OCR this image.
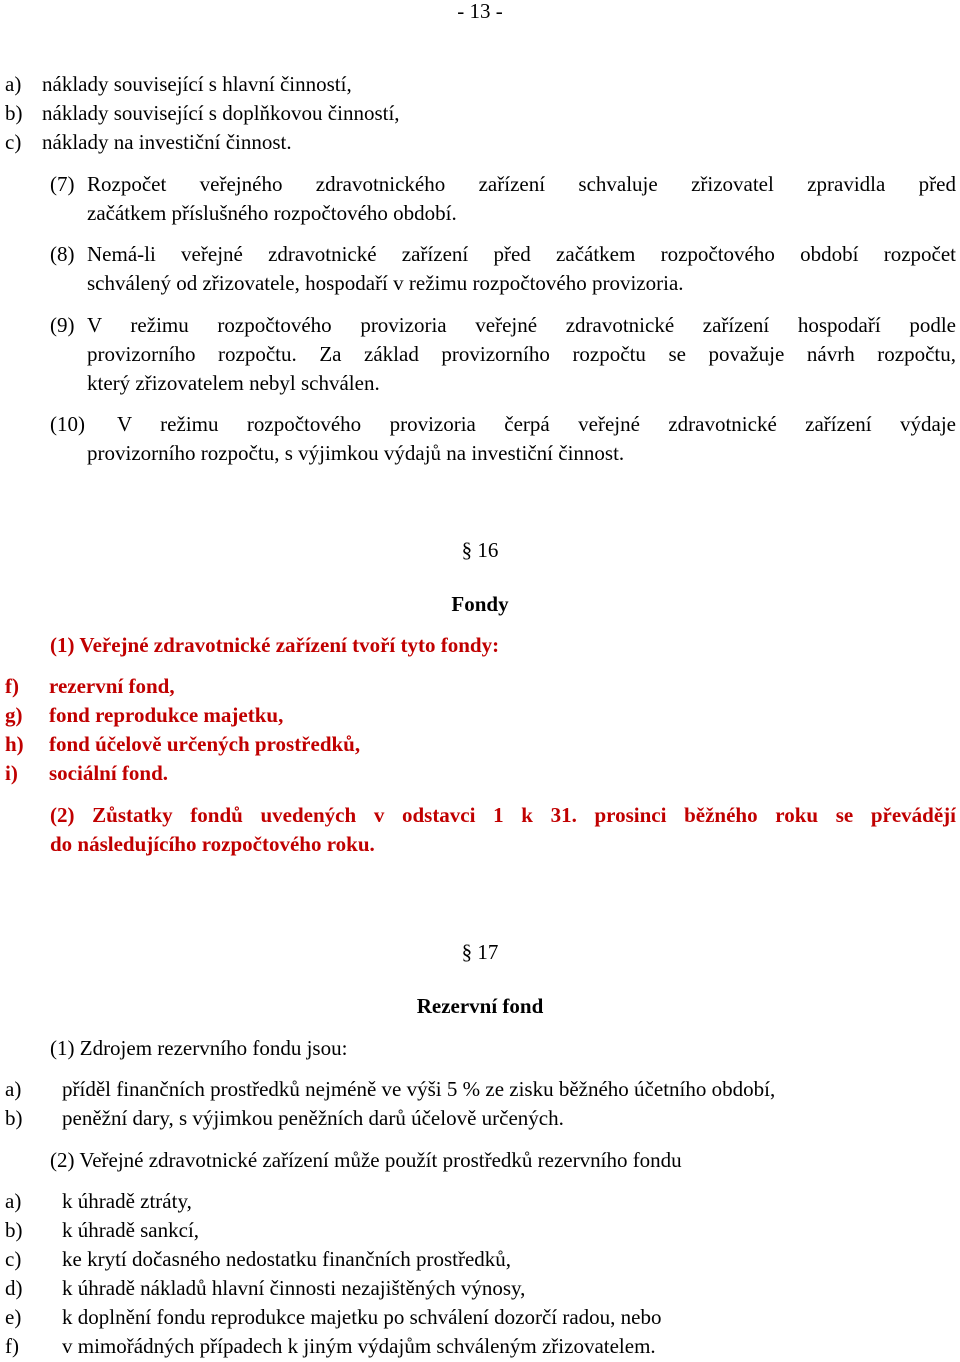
- 13 -
a) náklady související s hlavní činností,
b) náklady související s doplňkovou činností,
c) náklady na investiční činnost.
(7) Rozpočet veřejného zdravotnického zařízení schvaluje zřizovatel zpravidla před
začátkem příslušného rozpočtového období.
(8) Nemá-li veřejné zdravotnické zařízení před začátkem rozpočtového období rozpočet
schválený od zřizovatele, hospodaří v režimu rozpočtového provizoria.
(9) V režimu rozpočtového provizoria veřejné zdravotnické zařízení hospodaří podle
provizorního rozpočtu. Za základ provizorního rozpočtu se považuje návrh rozpočtu,
který zřizovatelem nebyl schválen.
(10) V režimu rozpočtového provizoria čerpá veřejné zdravotnické zařízení výdaje
provizorního rozpočtu, s výjimkou výdajů na investiční činnost.
§ 16
Fondy
(1) Veřejné zdravotnické zařízení tvoří tyto fondy:
f) rezervní fond,
g) fond reprodukce majetku,
h) fond účelově určených prostředků,
i) sociální fond.
(2) Zůstatky fondů uvedených v odstavci 1 k 31. prosinci běžného roku se převádějí
do následujícího rozpočtového roku.
§ 17
Rezervní fond
(1) Zdrojem rezervního fondu jsou:
a) příděl finančních prostředků nejméně ve výši 5 % ze zisku běžného účetního období,
b) peněžní dary, s výjimkou peněžních darů účelově určených.
(2) Veřejné zdravotnické zařízení může použít prostředků rezervního fondu
a) k úhradě ztráty,
b) k úhradě sankcí,
c) ke krytí dočasného nedostatku finančních prostředků,
d) k úhradě nákladů hlavní činnosti nezajištěných výnosy,
e) k doplnění fondu reprodukce majetku po schválení dozorčí radou, nebo
f) v mimořádných případech k jiným výdajům schváleným zřizovatelem.
